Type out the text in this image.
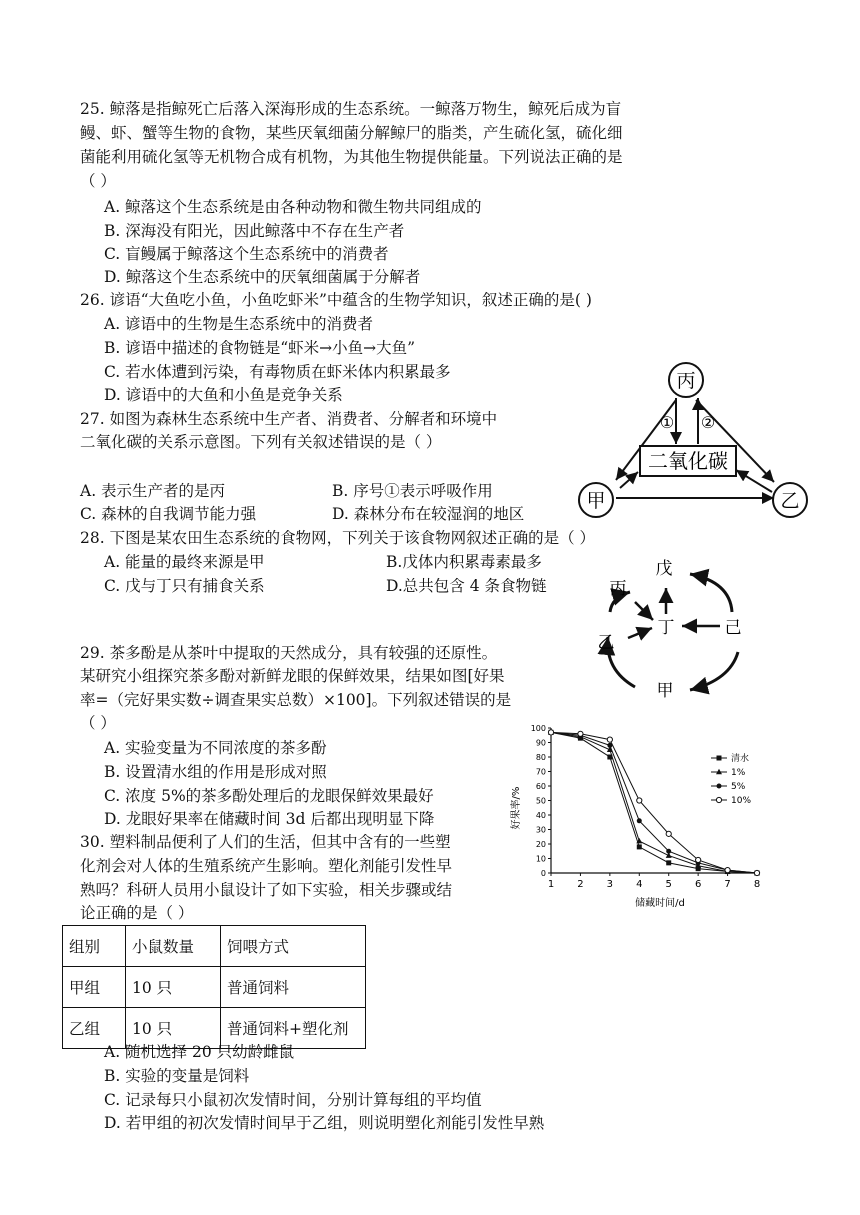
25. 鲸落是指鲸死亡后落入深海形成的生态系统。一鲸落万物生，鲸死后成为盲
鳗、虾、蟹等生物的食物，某些厌氧细菌分解鲸尸的脂类，产生硫化氢，硫化细
菌能利用硫化氢等无机物合成有机物，为其他生物提供能量。下列说法正确的是
（ ）
A. 鲸落这个生态系统是由各种动物和微生物共同组成的
B. 深海没有阳光，因此鲸落中不存在生产者
C. 盲鳗属于鲸落这个生态系统中的消费者
D. 鲸落这个生态系统中的厌氧细菌属于分解者
26. 谚语“大鱼吃小鱼，小鱼吃虾米”中蕴含的生物学知识，叙述正确的是( )
A. 谚语中的生物是生态系统中的消费者
B. 谚语中描述的食物链是“虾米→小鱼→大鱼”
C. 若水体遭到污染，有毒物质在虾米体内积累最多
D. 谚语中的大鱼和小鱼是竞争关系
27. 如图为森林生态系统中生产者、消费者、分解者和环境中
二氧化碳的关系示意图。下列有关叙述错误的是（ ）
A. 表示生产者的是丙	B. 序号①表示呼吸作用
C. 森林的自我调节能力强	D. 森林分布在较湿润的地区
丙
甲	乙
二氧化碳
① ②
28. 下图是某农田生态系统的食物网，下列关于该食物网叙述正确的是（ ）
A. 能量的最终来源是甲	B.戊体内积累毒素最多
C. 戊与丁只有捕食关系	D.总共包含 4 条食物链
戊
丙
乙
丁	己
甲
29. 茶多酚是从茶叶中提取的天然成分，具有较强的还原性。
某研究小组探究茶多酚对新鲜龙眼的保鲜效果，结果如图[好果
率=（完好果实数÷调查果实总数）×100]。下列叙述错误的是
（ ）
A. 实验变量为不同浓度的茶多酚
B. 设置清水组的作用是形成对照
C. 浓度 5%的茶多酚处理后的龙眼保鲜效果最好
D. 龙眼好果率在储藏时间 3d 后都出现明显下降
0
10
20
30
40
50
60
70
80
90
100
1 2 3 4 5 6 7 8
清水
1%
5%
10%
好果率/%
储藏时间/d
30. 塑料制品便利了人们的生活，但其中含有的一些塑
化剂会对人体的生殖系统产生影响。塑化剂能引发性早
熟吗？科研人员用小鼠设计了如下实验，相关步骤或结
论正确的是（ ）
组别	小鼠数量	饲喂方式
甲组	10 只	普通饲料
乙组	10 只	普通饲料+塑化剂
A. 随机选择 20 只幼龄雌鼠
B. 实验的变量是饲料
C. 记录每只小鼠初次发情时间，分别计算每组的平均值
D. 若甲组的初次发情时间早于乙组，则说明塑化剂能引发性早熟
